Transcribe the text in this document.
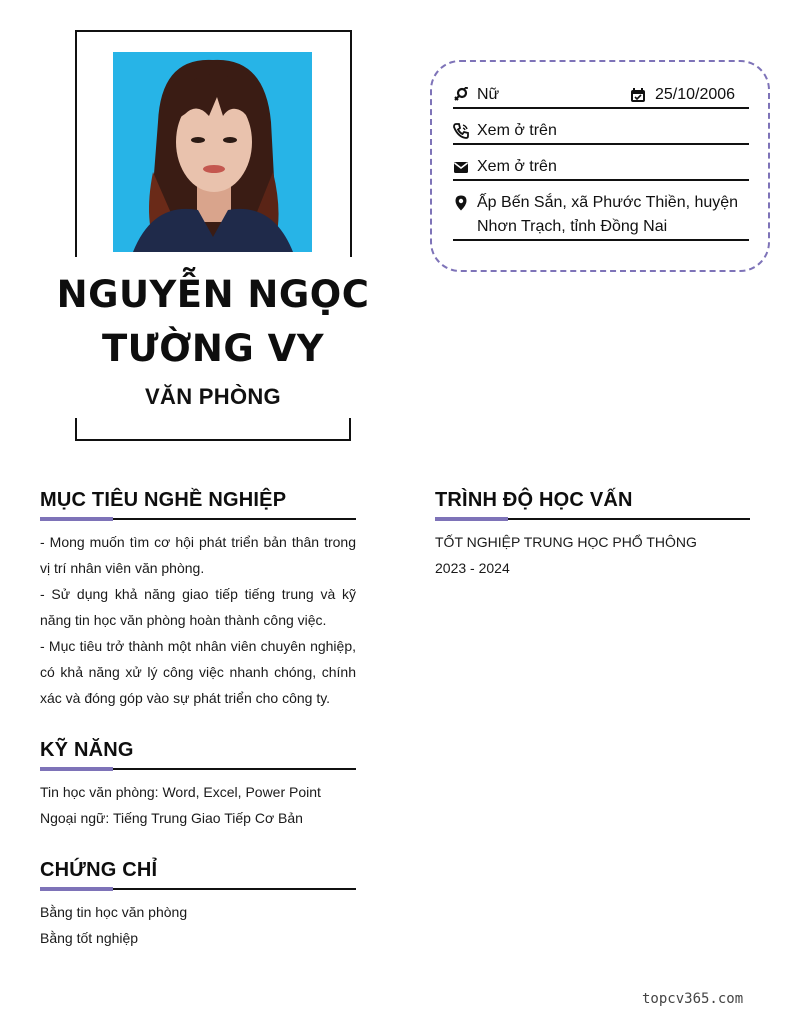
NGUYỄN NGỌC
TƯỜNG VY
VĂN PHÒNG
Nữ	25/10/2006
Xem ở trên
Xem ở trên
Ấp Bến Sắn, xã Phước Thiền, huyện Nhơn Trạch, tỉnh Đồng Nai
MỤC TIÊU NGHỀ NGHIỆP
- Mong muốn tìm cơ hội phát triển bản thân trong vị trí nhân viên văn phòng.
- Sử dụng khả năng giao tiếp tiếng trung và kỹ năng tin học văn phòng hoàn thành công việc.
- Mục tiêu trở thành một nhân viên chuyên nghiệp, có khả năng xử lý công việc nhanh chóng, chính xác và đóng góp vào sự phát triển cho công ty.
KỸ NĂNG
Tin học văn phòng: Word, Excel, Power Point
Ngoại ngữ: Tiếng Trung Giao Tiếp Cơ Bản
CHỨNG CHỈ
Bằng tin học văn phòng
Bằng tốt nghiệp
TRÌNH ĐỘ HỌC VẤN
TỐT NGHIỆP TRUNG HỌC PHỔ THÔNG
2023 - 2024
topcv365.com
